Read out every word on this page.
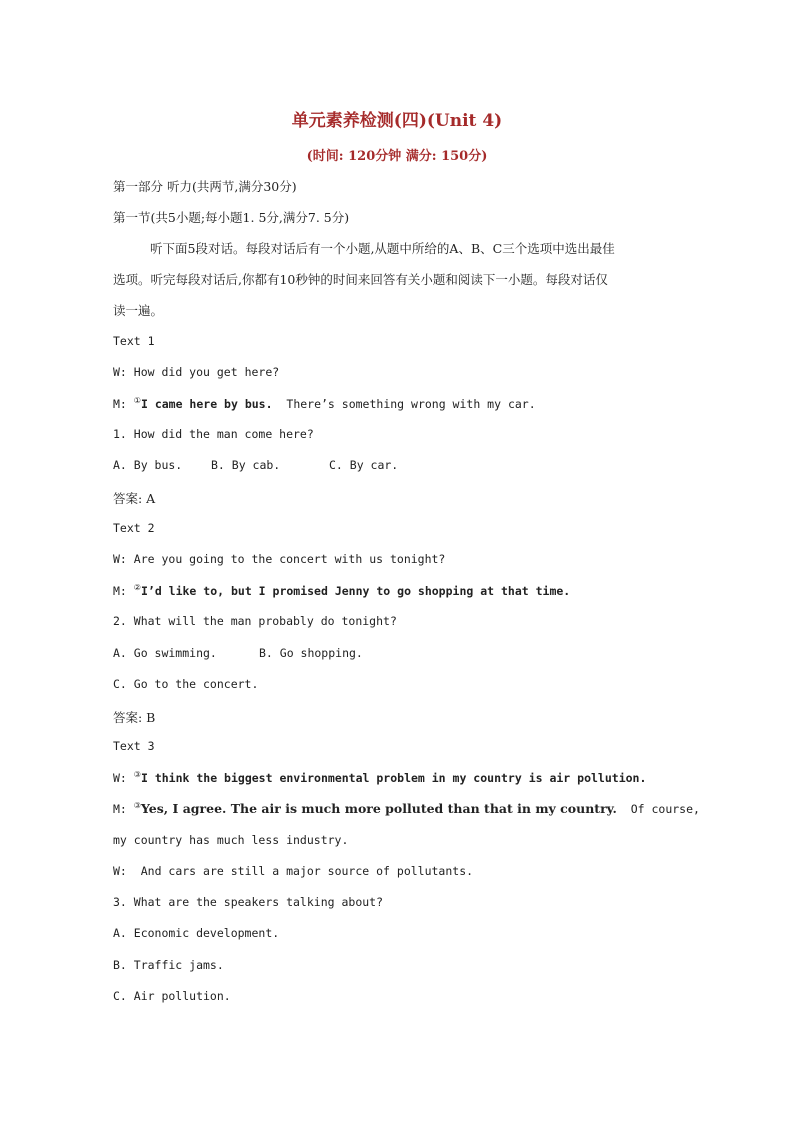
单元素养检测(四)(Unit 4)
(时间: 120分钟 满分: 150分)
第一部分 听力(共两节,满分30分)
第一节(共5小题;每小题1. 5分,满分7. 5分)
听下面5段对话。每段对话后有一个小题,从题中所给的A、B、C三个选项中选出最佳
选项。听完每段对话后,你都有10秒钟的时间来回答有关小题和阅读下一小题。每段对话仅
读一遍。
Text 1
W: How did you get here?
M: ①I came here by bus. There’s something wrong with my car.
1. How did the man come here?
A. By bus.	B. By cab.	C. By car.
答案: A
Text 2
W: Are you going to the concert with us tonight?
M: ②I’d like to, but I promised Jenny to go shopping at that time.
2. What will the man probably do tonight?
A. Go swimming.	B. Go shopping.
C. Go to the concert.
答案: B
Text 3
W: ③I think the biggest environmental problem in my country is air pollution.
M: ③Yes, I agree. The air is much more polluted than that in my country. Of course,
my country has much less industry.
W: And cars are still a major source of pollutants.
3. What are the speakers talking about?
A. Economic development.
B. Traffic jams.
C. Air pollution.
